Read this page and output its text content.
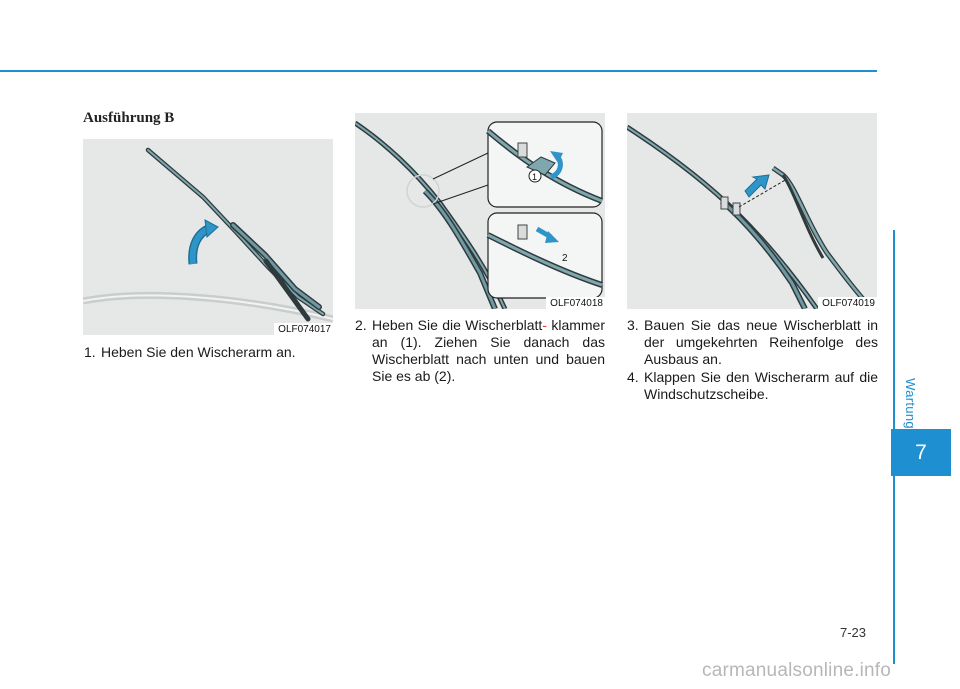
Wartung
7
Ausführung B
OLF074017
1
2
OLF074018	OLF074019

1. Heben Sie den Wischerarm an.

2. Heben Sie die Wischerblatt- klammer an (1). Ziehen Sie danach das Wischerblatt nach unten und bauen Sie es ab (2).

3. Bauen Sie das neue Wischerblatt in der umgekehrten Reihenfolge des Ausbaus an.

4. Klappen Sie den Wischerarm auf die Windschutzscheibe.

7-23
carmanualsonline.info
